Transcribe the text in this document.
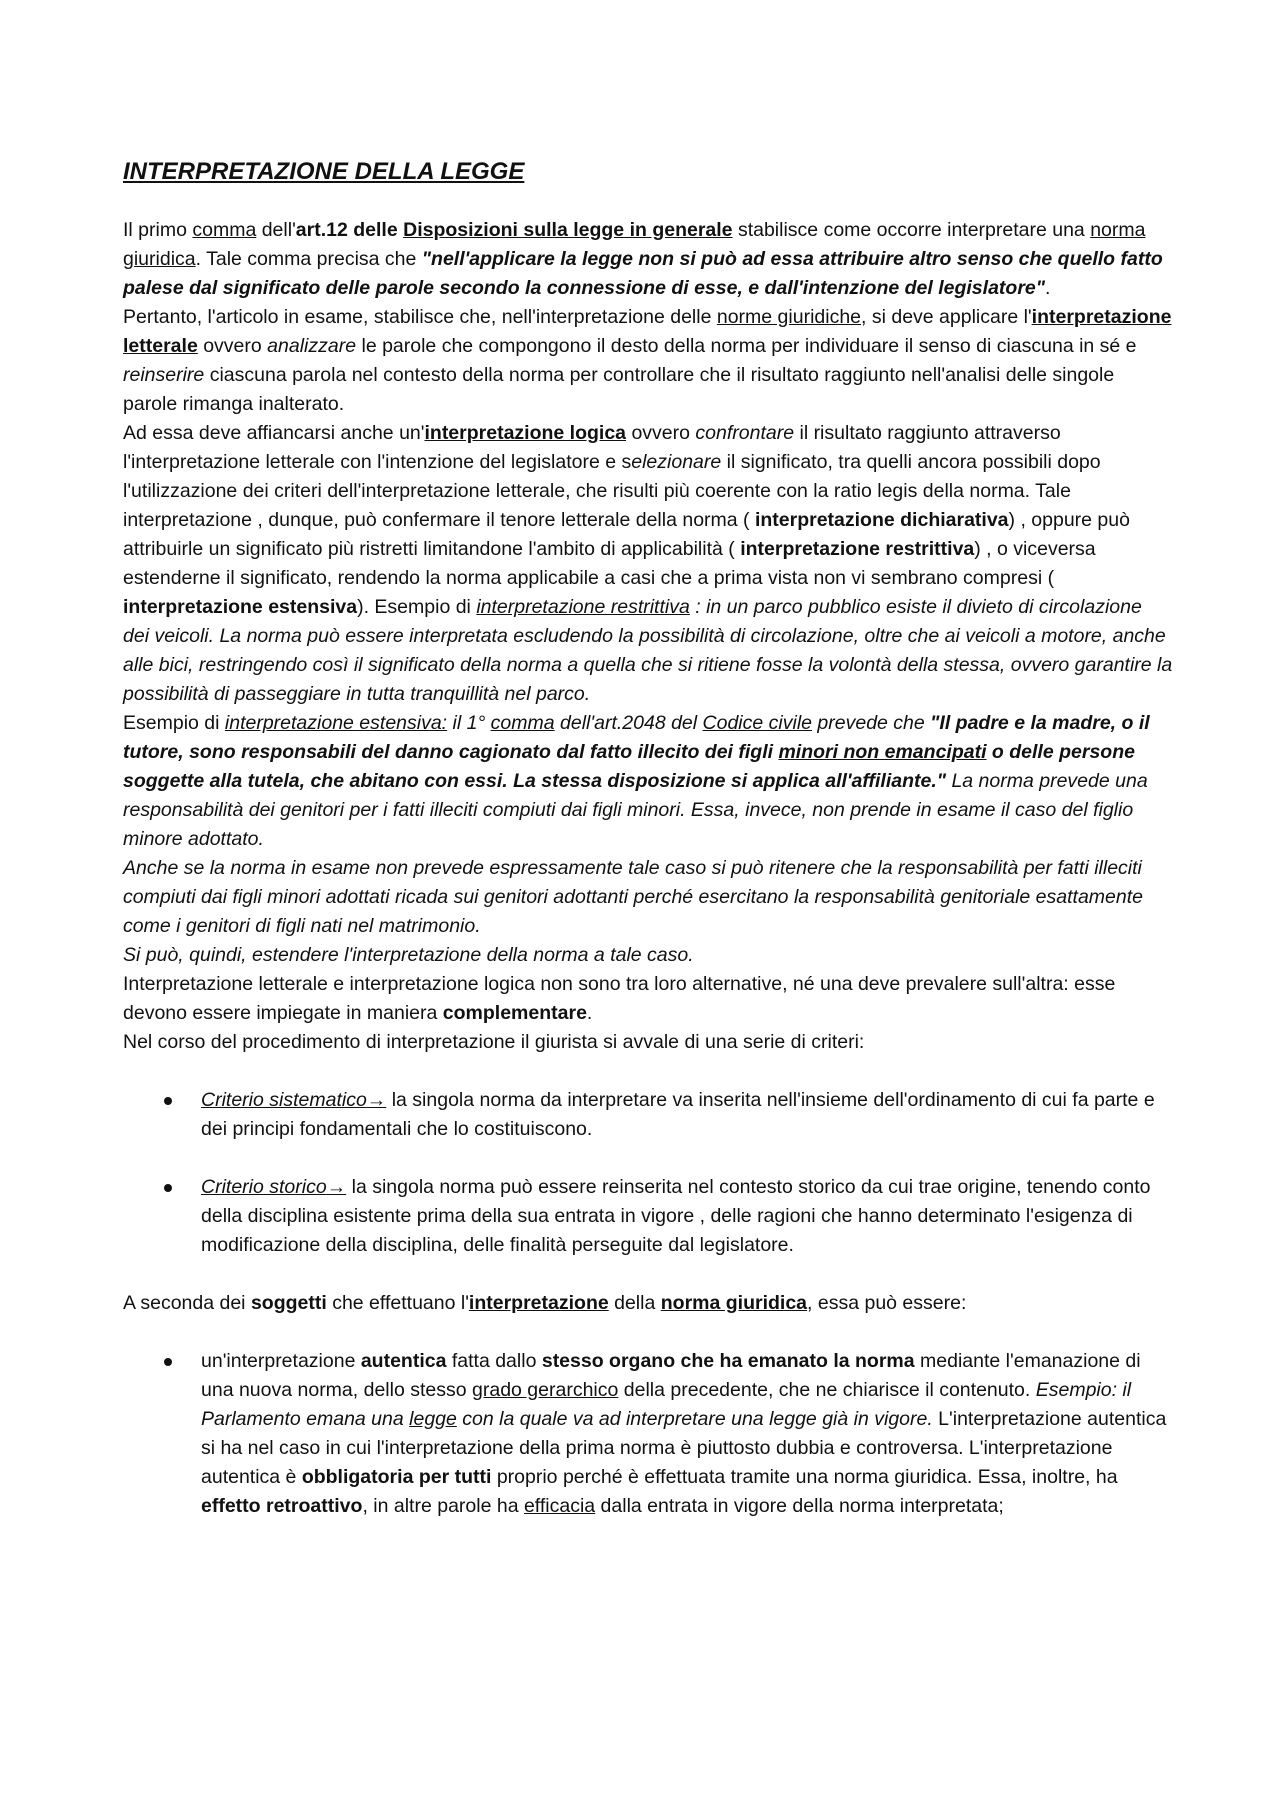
INTERPRETAZIONE DELLA LEGGE

Il primo comma dell'art.12 delle Disposizioni sulla legge in generale stabilisce come occorre interpretare una norma giuridica. Tale comma precisa che "nell'applicare la legge non si può ad essa attribuire altro senso che quello fatto palese dal significato delle parole secondo la connessione di esse, e dall'intenzione del legislatore".

Pertanto, l'articolo in esame, stabilisce che, nell'interpretazione delle norme giuridiche, si deve applicare l'interpretazione letterale ovvero analizzare le parole che compongono il desto della norma per individuare il senso di ciascuna in sé e reinserire ciascuna parola nel contesto della norma per controllare che il risultato raggiunto nell'analisi delle singole parole rimanga inalterato.

Ad essa deve affiancarsi anche un'interpretazione logica ovvero confrontare il risultato raggiunto attraverso l'interpretazione letterale con l'intenzione del legislatore e selezionare il significato, tra quelli ancora possibili dopo l'utilizzazione dei criteri dell'interpretazione letterale, che risulti più coerente con la ratio legis della norma. Tale interpretazione , dunque, può confermare il tenore letterale della norma ( interpretazione dichiarativa) , oppure può attribuirle un significato più ristretti limitandone l'ambito di applicabilità ( interpretazione restrittiva) , o viceversa estenderne il significato, rendendo la norma applicabile a casi che a prima vista non vi sembrano compresi ( interpretazione estensiva). Esempio di interpretazione restrittiva : in un parco pubblico esiste il divieto di circolazione dei veicoli. La norma può essere interpretata escludendo la possibilità di circolazione, oltre che ai veicoli a motore, anche alle bici, restringendo così il significato della norma a quella che si ritiene fosse la volontà della stessa, ovvero garantire la possibilità di passeggiare in tutta tranquillità nel parco.

Esempio di interpretazione estensiva: il 1° comma dell'art.2048 del Codice civile prevede che "Il padre e la madre, o il tutore, sono responsabili del danno cagionato dal fatto illecito dei figli minori non emancipati o delle persone soggette alla tutela, che abitano con essi. La stessa disposizione si applica all'affiliante." La norma prevede una responsabilità dei genitori per i fatti illeciti compiuti dai figli minori. Essa, invece, non prende in esame il caso del figlio minore adottato.

Anche se la norma in esame non prevede espressamente tale caso si può ritenere che la responsabilità per fatti illeciti compiuti dai figli minori adottati ricada sui genitori adottanti perché esercitano la responsabilità genitoriale esattamente come i genitori di figli nati nel matrimonio.

Si può, quindi, estendere l'interpretazione della norma a tale caso.

Interpretazione letterale e interpretazione logica non sono tra loro alternative, né una deve prevalere sull'altra: esse devono essere impiegate in maniera complementare.

Nel corso del procedimento di interpretazione il giurista si avvale di una serie di criteri:

Criterio sistematico→ la singola norma da interpretare va inserita nell'insieme dell'ordinamento di cui fa parte e dei principi fondamentali che lo costituiscono.
Criterio storico→ la singola norma può essere reinserita nel contesto storico da cui trae origine, tenendo conto della disciplina esistente prima della sua entrata in vigore , delle ragioni che hanno determinato l'esigenza di modificazione della disciplina, delle finalità perseguite dal legislatore.

A seconda dei soggetti che effettuano l'interpretazione della norma giuridica, essa può essere:

un'interpretazione autentica fatta dallo stesso organo che ha emanato la norma mediante l'emanazione di una nuova norma, dello stesso grado gerarchico della precedente, che ne chiarisce il contenuto. Esempio: il Parlamento emana una legge con la quale va ad interpretare una legge già in vigore. L'interpretazione autentica si ha nel caso in cui l'interpretazione della prima norma è piuttosto dubbia e controversa. L'interpretazione autentica è obbligatoria per tutti proprio perché è effettuata tramite una norma giuridica. Essa, inoltre, ha effetto retroattivo, in altre parole ha efficacia dalla entrata in vigore della norma interpretata;
